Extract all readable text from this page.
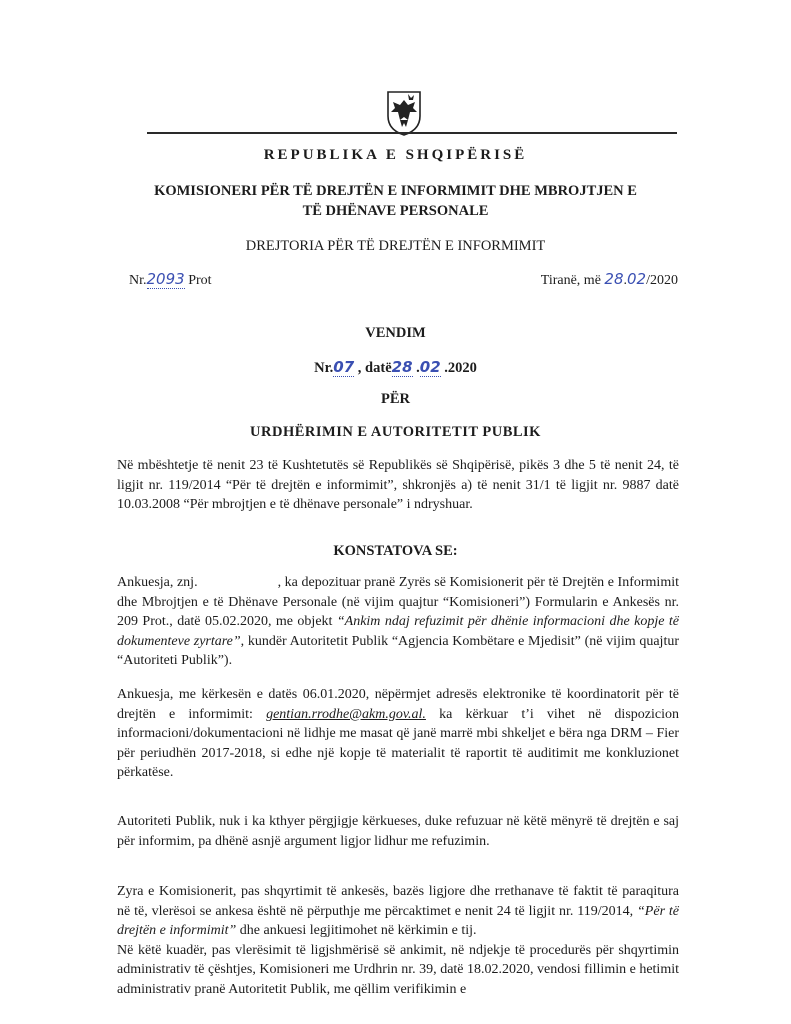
REPUBLIKA E SHQIPËRISË
KOMISIONERI PËR TË DREJTËN E INFORMIMIT DHE MBROJTJEN E TË DHËNAVE PERSONALE
DREJTORIA PËR TË DREJTËN E INFORMIMIT
Nr.2093 Prot	Tiranë, më 28.02/2020
VENDIM
Nr.07 , datë28 .02 .2020
PËR
URDHËRIMIN E AUTORITETIT PUBLIK
Në mbështetje të nenit 23 të Kushtetutës së Republikës së Shqipërisë, pikës 3 dhe 5 të nenit 24, të ligjit nr. 119/2014 “Për të drejtën e informimit”, shkronjës a) të nenit 31/1 të ligjit nr. 9887 datë 10.03.2008 “Për mbrojtjen e të dhënave personale” i ndryshuar.
KONSTATOVA SE:
Ankuesja, znj.	, ka depozituar pranë Zyrës së Komisionerit për të Drejtën e Informimit dhe Mbrojtjen e të Dhënave Personale (në vijim quajtur “Komisioneri”) Formularin e Ankesës nr. 209 Prot., datë 05.02.2020, me objekt “Ankim ndaj refuzimit për dhënie informacioni dhe kopje të dokumenteve zyrtare”, kundër Autoritetit Publik “Agjencia Kombëtare e Mjedisit” (në vijim quajtur “Autoriteti Publik”).
Ankuesja, me kërkesën e datës 06.01.2020, nëpërmjet adresës elektronike të koordinatorit për të drejtën e informimit: gentian.rrodhe@akm.gov.al. ka kërkuar t’i vihet në dispozicion informacioni/dokumentacioni në lidhje me masat që janë marrë mbi shkeljet e bëra nga DRM – Fier për periudhën 2017-2018, si edhe një kopje të materialit të raportit të auditimit me konkluzionet përkatëse.
Autoriteti Publik, nuk i ka kthyer përgjigje kërkueses, duke refuzuar në këtë mënyrë të drejtën e saj për informim, pa dhënë asnjë argument ligjor lidhur me refuzimin.
Zyra e Komisionerit, pas shqyrtimit të ankesës, bazës ligjore dhe rrethanave të faktit të paraqitura në të, vlerësoi se ankesa është në përputhje me përcaktimet e nenit 24 të ligjit nr. 119/2014, “Për të drejtën e informimit” dhe ankuesi legjitimohet në kërkimin e tij.
Në këtë kuadër, pas vlerësimit të ligjshmërisë së ankimit, në ndjekje të procedurës për shqyrtimin administrativ të çështjes, Komisioneri me Urdhrin nr. 39, datë 18.02.2020, vendosi fillimin e hetimit administrativ pranë Autoritetit Publik, me qëllim verifikimin e
